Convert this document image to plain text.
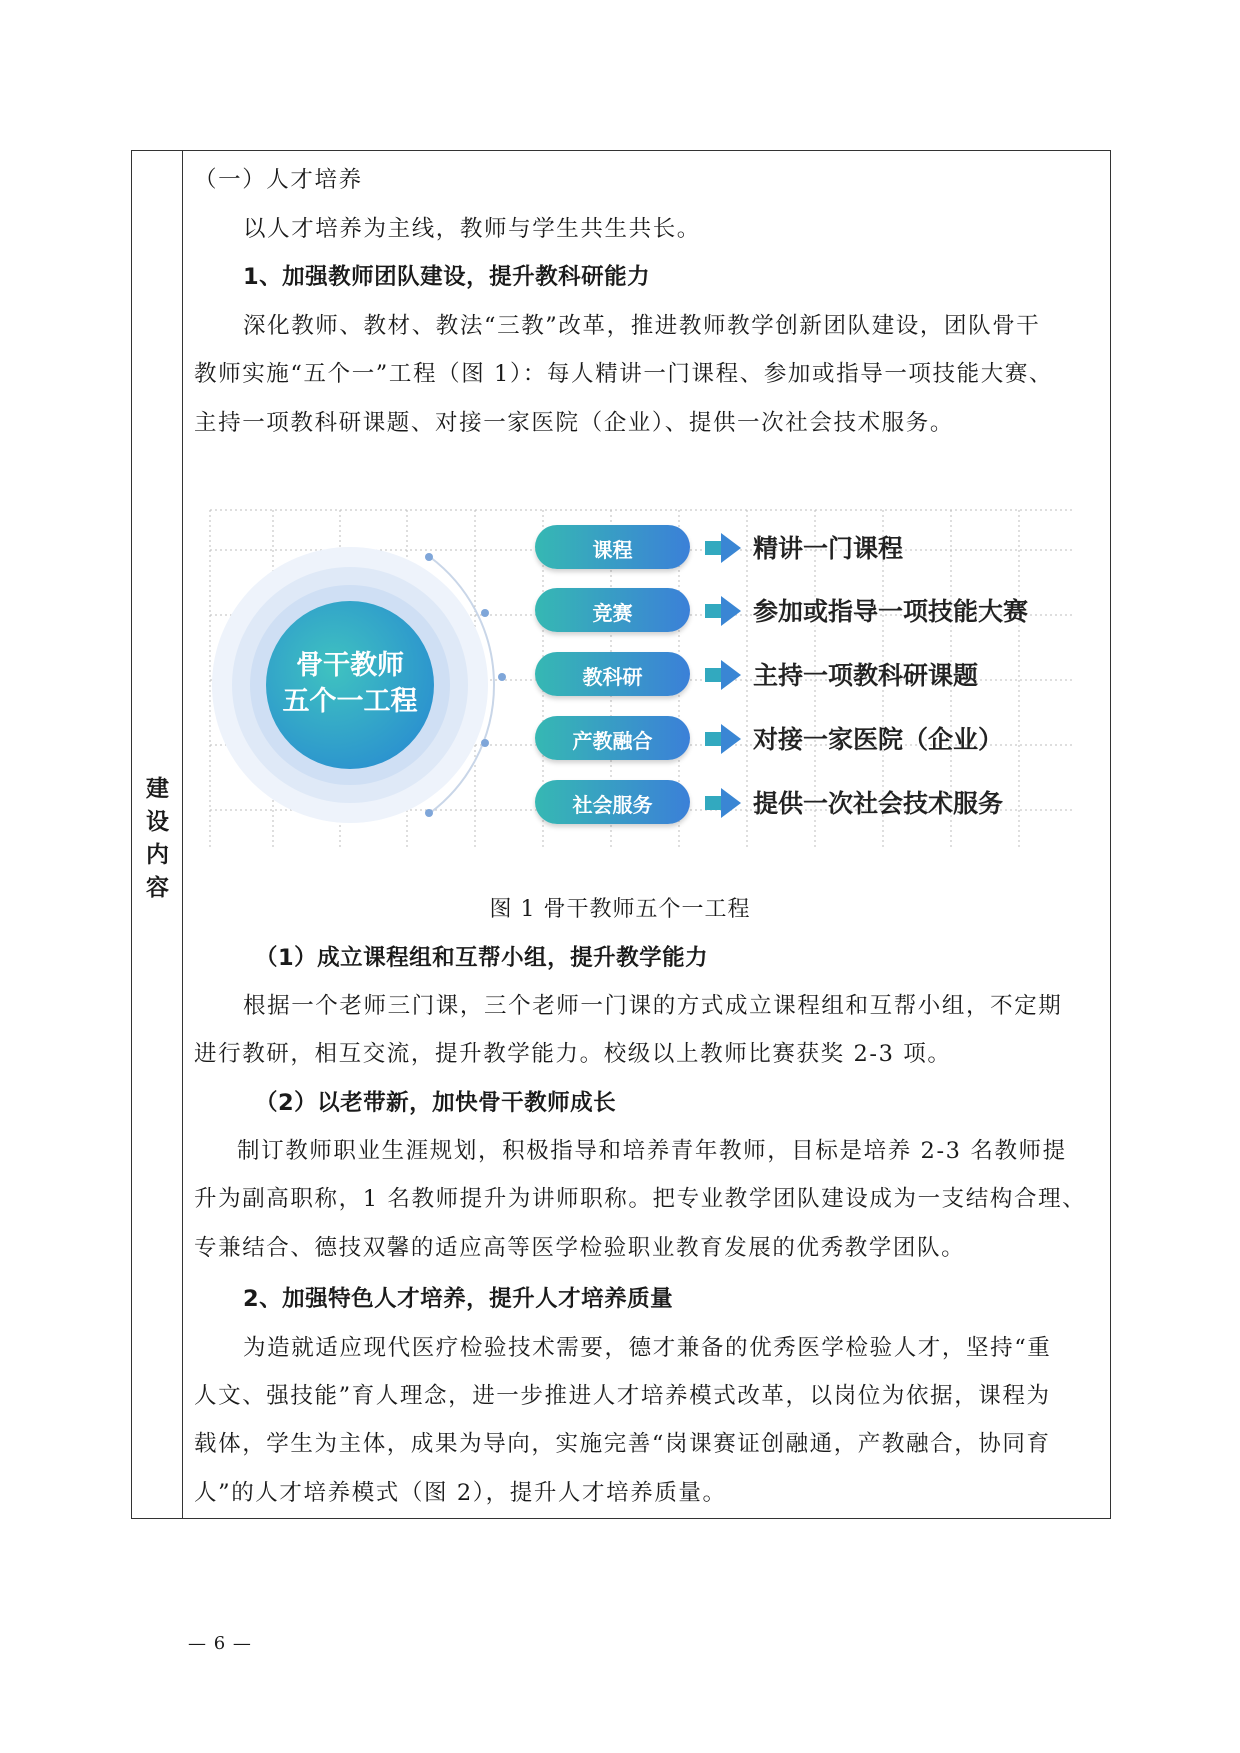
建
设
内
容
（一）人才培养
以人才培养为主线，教师与学生共生共长。
1、加强教师团队建设，提升教科研能力
深化教师、教材、教法“三教”改革，推进教师教学创新团队建设，团队骨干
教师实施“五个一”工程（图 1）：每人精讲一门课程、参加或指导一项技能大赛、
主持一项教科研课题、对接一家医院（企业）、提供一次社会技术服务。
骨干教师
五个一工程
课程	精讲一门课程
竞赛	参加或指导一项技能大赛
教科研	主持一项教科研课题
产教融合	对接一家医院（企业）
社会服务	提供一次社会技术服务
图 1 骨干教师五个一工程
（1）成立课程组和互帮小组，提升教学能力
根据一个老师三门课，三个老师一门课的方式成立课程组和互帮小组，不定期
进行教研，相互交流，提升教学能力。校级以上教师比赛获奖 2-3 项。
（2）以老带新，加快骨干教师成长
制订教师职业生涯规划，积极指导和培养青年教师，目标是培养 2-3 名教师提
升为副高职称，1 名教师提升为讲师职称。把专业教学团队建设成为一支结构合理、
专兼结合、德技双馨的适应高等医学检验职业教育发展的优秀教学团队。
2、加强特色人才培养，提升人才培养质量
为造就适应现代医疗检验技术需要，德才兼备的优秀医学检验人才，坚持“重
人文、强技能”育人理念，进一步推进人才培养模式改革，以岗位为依据，课程为
载体，学生为主体，成果为导向，实施完善“岗课赛证创融通，产教融合，协同育
人”的人才培养模式（图 2），提升人才培养质量。
— 6 —
